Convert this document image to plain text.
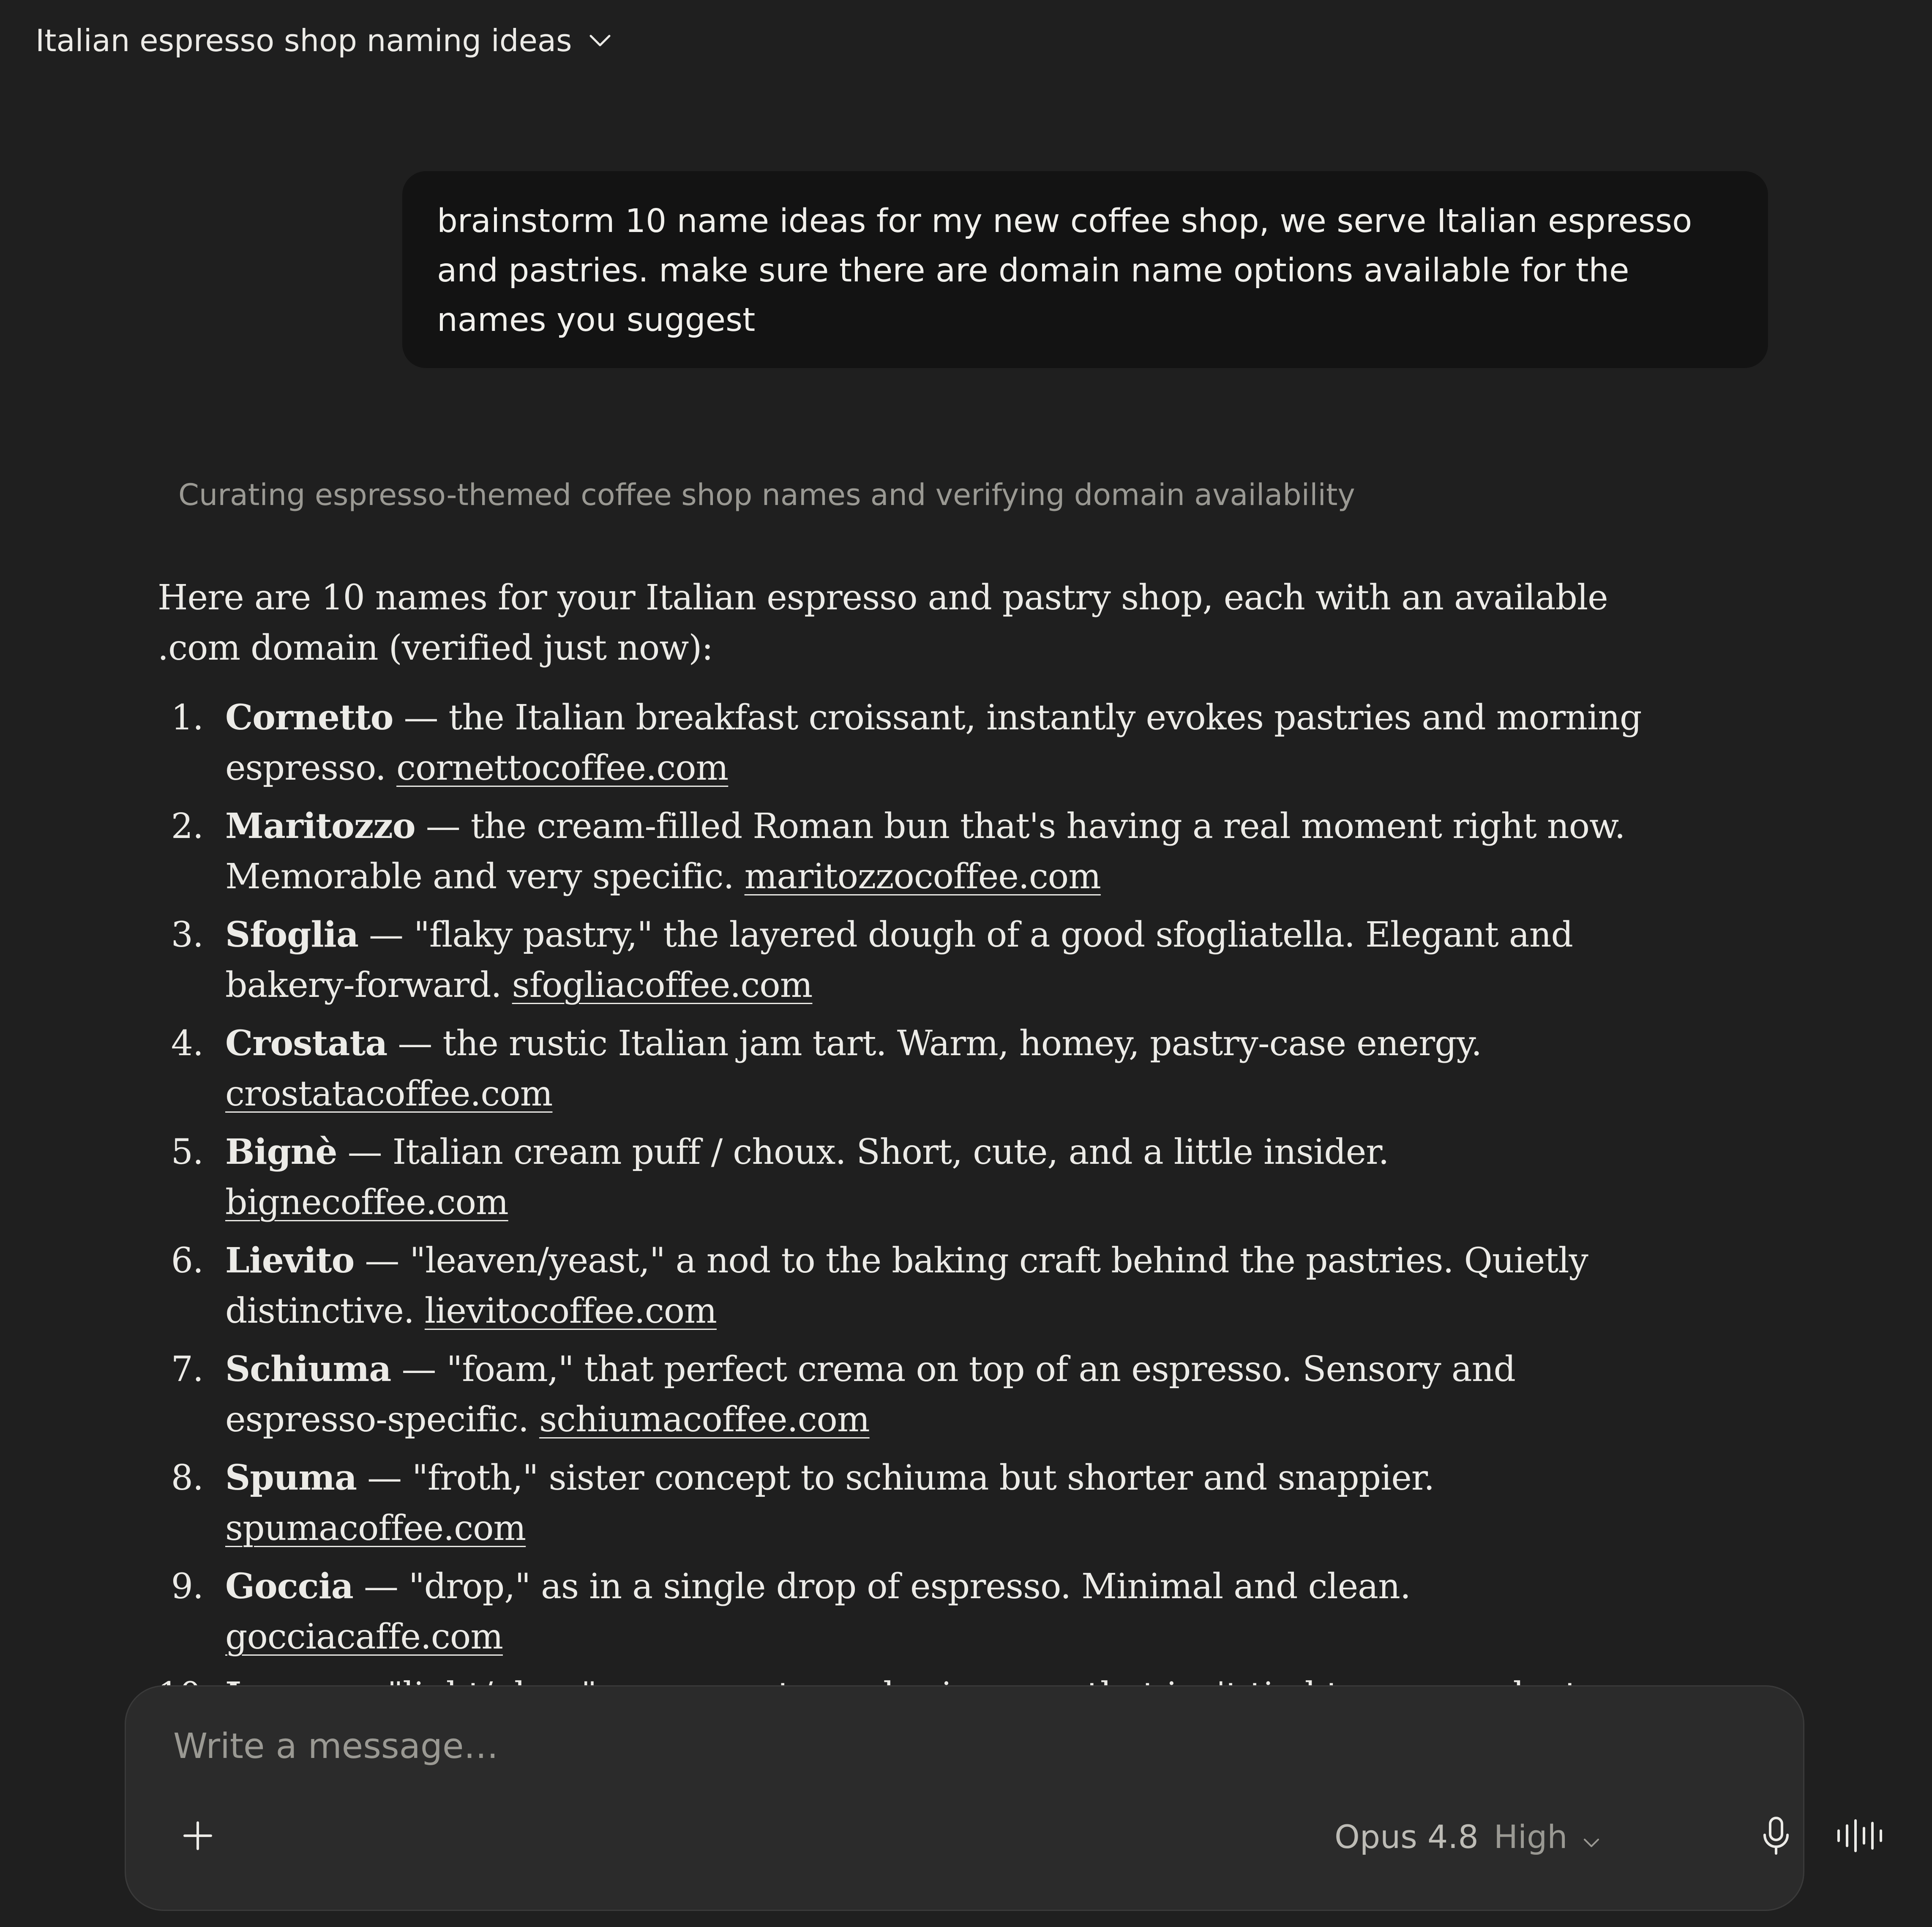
Italian espresso shop naming ideas

brainstorm 10 name ideas for my new coffee shop, we serve Italian espresso and pastries. make sure there are domain name options available for the names you suggest

Curating espresso-themed coffee shop names and verifying domain availability

Here are 10 names for your Italian espresso and pastry shop, each with an available .com domain (verified just now):

1. Cornetto — the Italian breakfast croissant, instantly evokes pastries and morning espresso. cornettocoffee.com
2. Maritozzo — the cream-filled Roman bun that's having a real moment right now. Memorable and very specific. maritozzocoffee.com
3. Sfoglia — "flaky pastry," the layered dough of a good sfogliatella. Elegant and bakery-forward. sfogliacoffee.com
4. Crostata — the rustic Italian jam tart. Warm, homey, pastry-case energy. crostatacoffee.com
5. Bignè — Italian cream puff / choux. Short, cute, and a little insider. bignecoffee.com
6. Lievito — "leaven/yeast," a nod to the baking craft behind the pastries. Quietly distinctive. lievitocoffee.com
7. Schiuma — "foam," that perfect crema on top of an espresso. Sensory and espresso-specific. schiumacoffee.com
8. Spuma — "froth," sister concept to schiuma but shorter and snappier. spumacoffee.com
9. Goccia — "drop," as in a single drop of espresso. Minimal and clean. gocciacaffe.com
Write a message…
Opus 4.8 High
